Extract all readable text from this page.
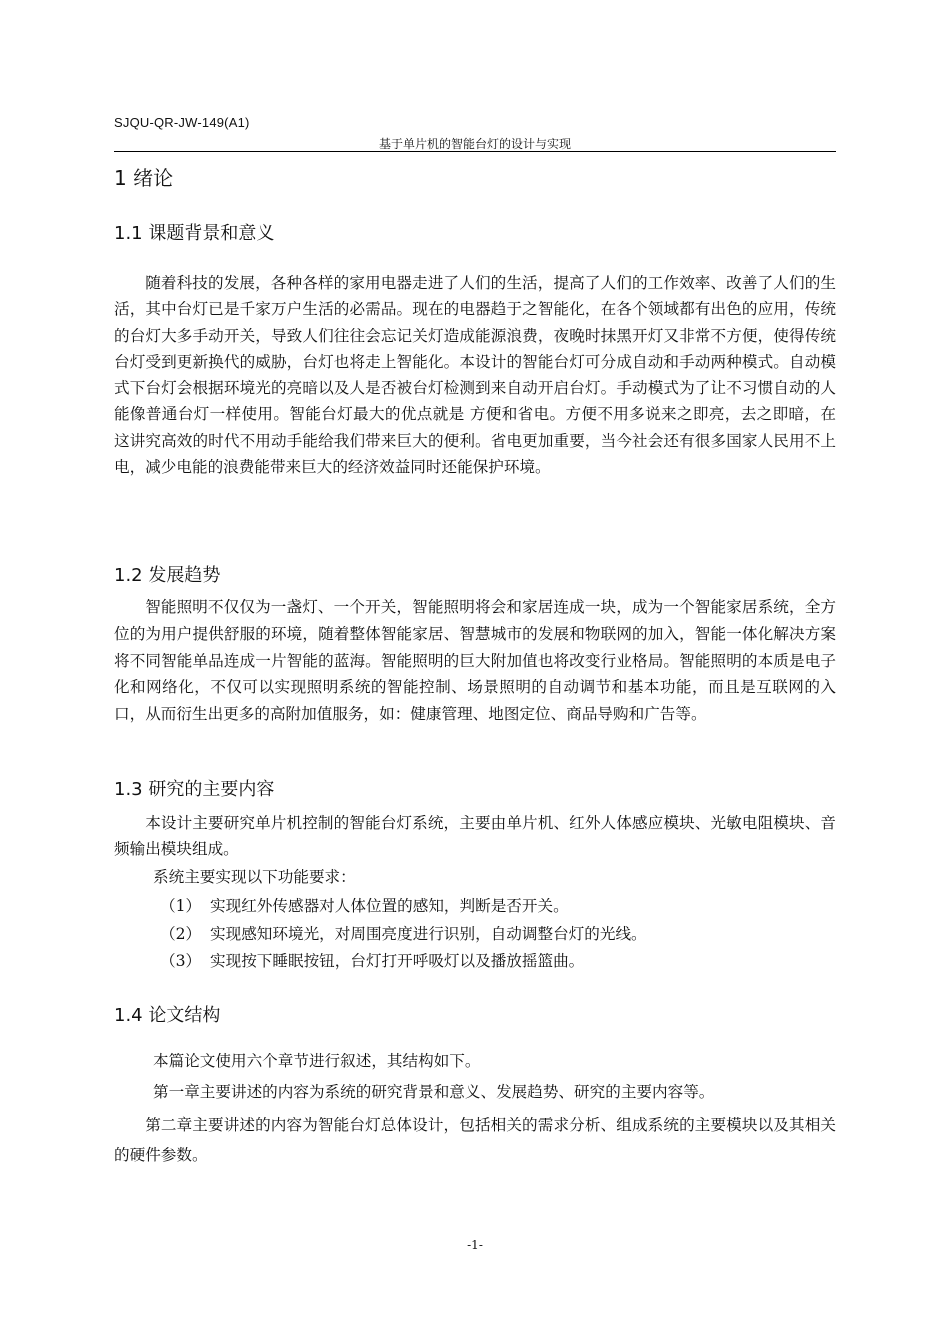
SJQU-QR-JW-149(A1)
基于单片机的智能台灯的设计与实现
1 绪论
1.1 课题背景和意义

随着科技的发展，各种各样的家用电器走进了人们的生活，提高了人们的工作效率、改善了人们的生活，其中台灯已是千家万户生活的必需品。现在的电器趋于之智能化，在各个领域都有出色的应用，传统的台灯大多手动开关，导致人们往往会忘记关灯造成能源浪费，夜晚时抹黑开灯又非常不方便，使得传统台灯受到更新换代的威胁，台灯也将走上智能化。本设计的智能台灯可分成自动和手动两种模式。自动模式下台灯会根据环境光的亮暗以及人是否被台灯检测到来自动开启台灯。手动模式为了让不习惯自动的人能像普通台灯一样使用。智能台灯最大的优点就是 方便和省电。方便不用多说来之即亮，去之即暗，在这讲究高效的时代不用动手能给我们带来巨大的便利。省电更加重要，当今社会还有很多国家人民用不上电，减少电能的浪费能带来巨大的经济效益同时还能保护环境。

1.2 发展趋势

智能照明不仅仅为一盏灯、一个开关，智能照明将会和家居连成一块，成为一个智能家居系统，全方位的为用户提供舒服的环境，随着整体智能家居、智慧城市的发展和物联网的加入，智能一体化解决方案将不同智能单品连成一片智能的蓝海。智能照明的巨大附加值也将改变行业格局。智能照明的本质是电子化和网络化，不仅可以实现照明系统的智能控制、场景照明的自动调节和基本功能，而且是互联网的入口，从而衍生出更多的高附加值服务，如：健康管理、地图定位、商品导购和广告等。

1.3 研究的主要内容

本设计主要研究单片机控制的智能台灯系统，主要由单片机、红外人体感应模块、光敏电阻模块、音频输出模块组成。

系统主要实现以下功能要求：
（1） 实现红外传感器对人体位置的感知，判断是否开关。
（2） 实现感知环境光，对周围亮度进行识别，自动调整台灯的光线。
（3） 实现按下睡眠按钮，台灯打开呼吸灯以及播放摇篮曲。
1.4 论文结构
本篇论文使用六个章节进行叙述，其结构如下。
第一章主要讲述的内容为系统的研究背景和意义、发展趋势、研究的主要内容等。

第二章主要讲述的内容为智能台灯总体设计，包括相关的需求分析、组成系统的主要模块以及其相关的硬件参数。

-1-
